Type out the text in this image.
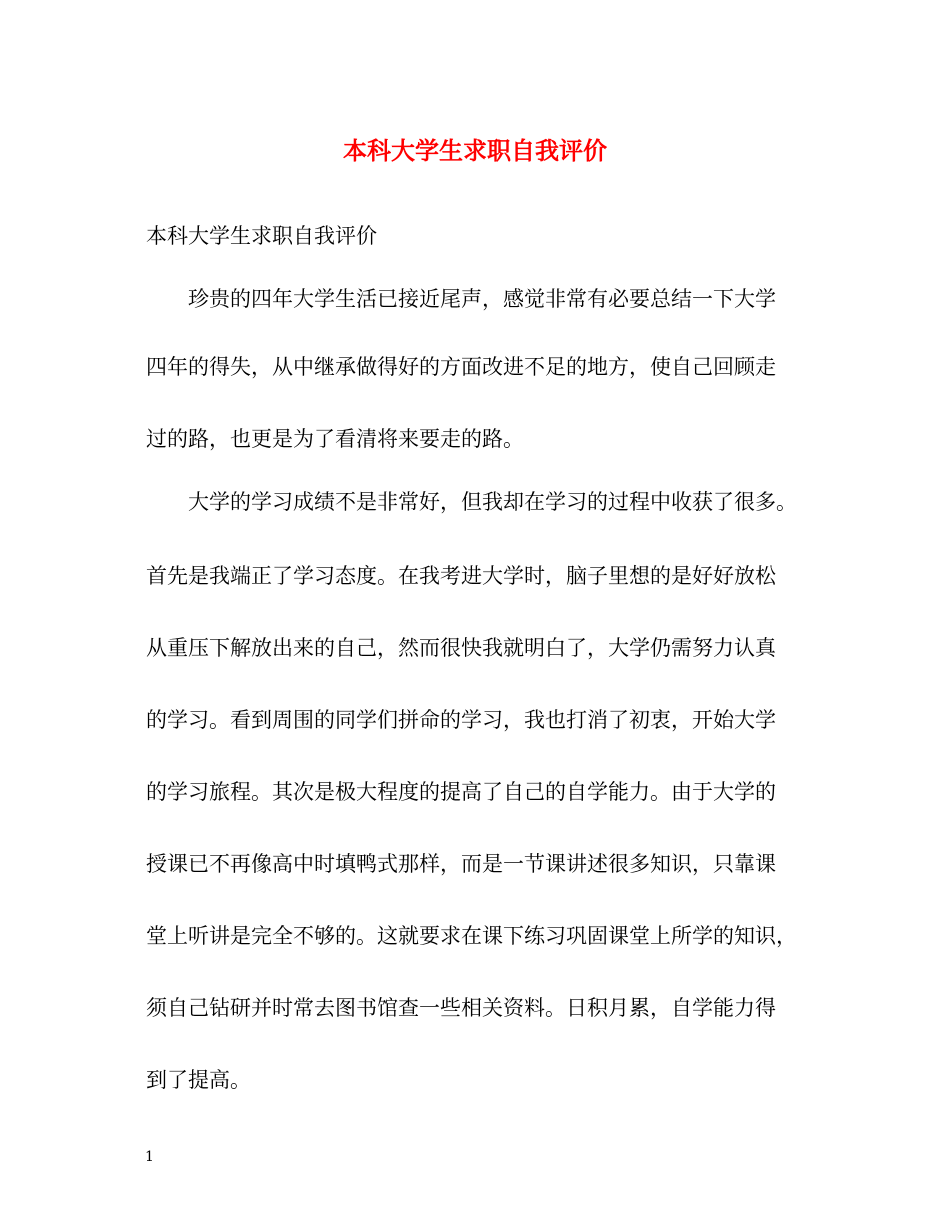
本科大学生求职自我评价
本科大学生求职自我评价
珍贵的四年大学生活已接近尾声，感觉非常有必要总结一下大学
四年的得失，从中继承做得好的方面改进不足的地方，使自己回顾走
过的路，也更是为了看清将来要走的路。
大学的学习成绩不是非常好，但我却在学习的过程中收获了很多。
首先是我端正了学习态度。在我考进大学时，脑子里想的是好好放松
从重压下解放出来的自己，然而很快我就明白了，大学仍需努力认真
的学习。看到周围的同学们拼命的学习，我也打消了初衷，开始大学
的学习旅程。其次是极大程度的提高了自己的自学能力。由于大学的
授课已不再像高中时填鸭式那样，而是一节课讲述很多知识，只靠课
堂上听讲是完全不够的。这就要求在课下练习巩固课堂上所学的知识，
须自己钻研并时常去图书馆查一些相关资料。日积月累，自学能力得
到了提高。
1
